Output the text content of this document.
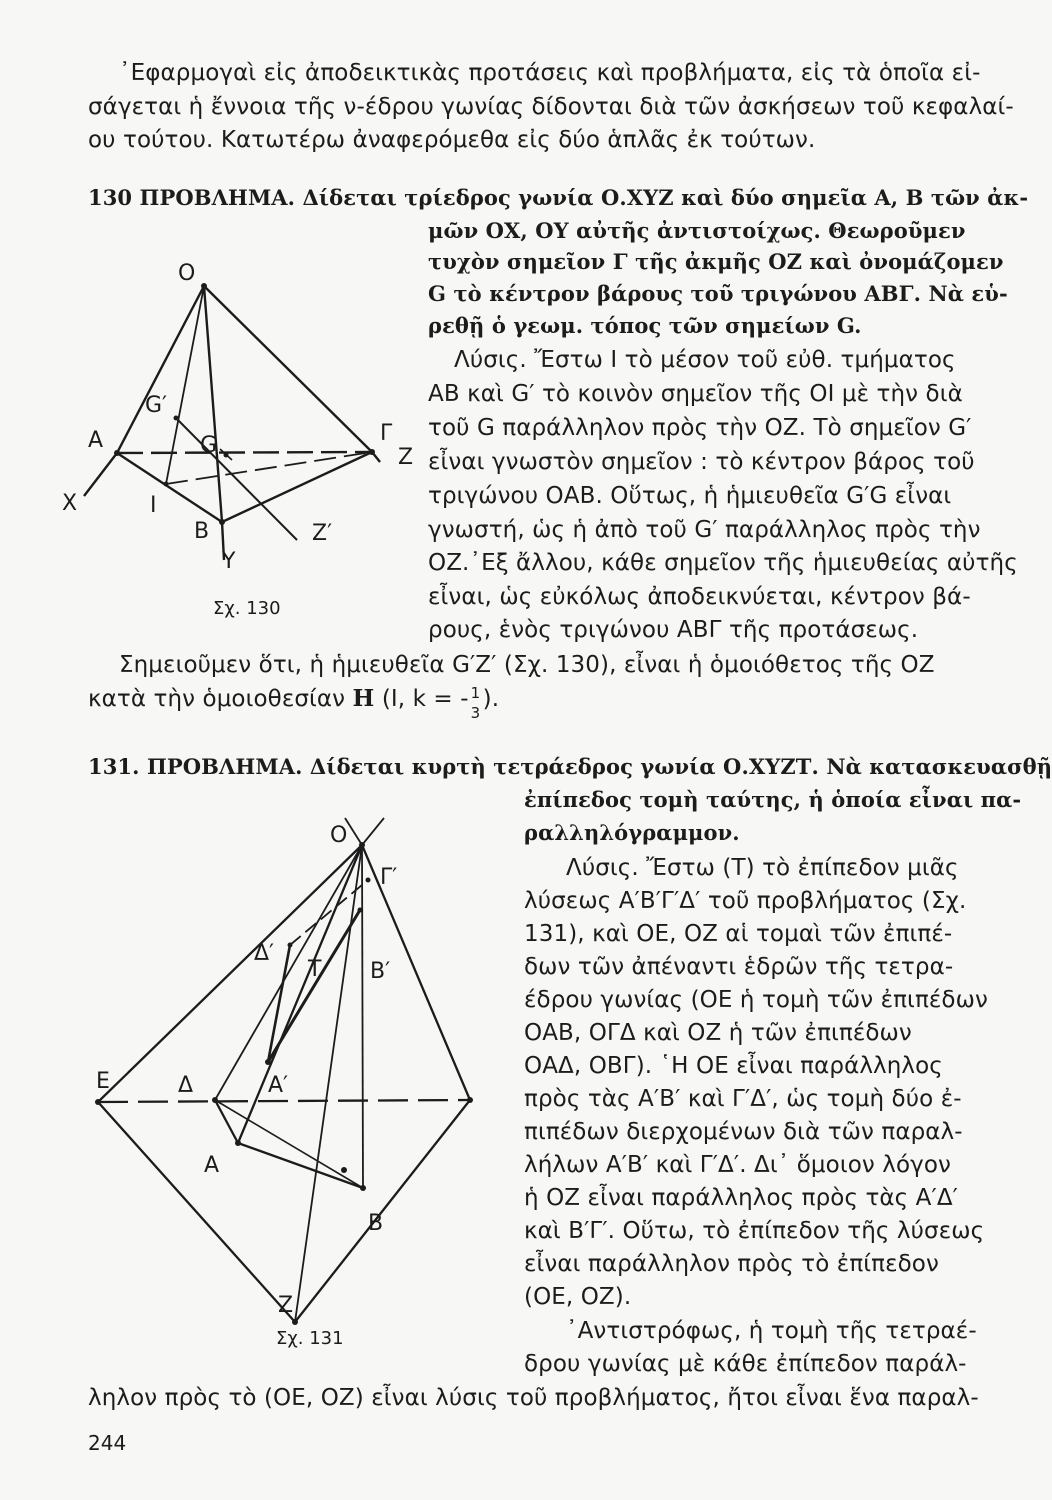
᾿Εφαρμογαὶ εἰς ἀποδεικτικὰς προτάσεις καὶ προβλήματα, εἰς τὰ ὁποῖα εἰ-
σάγεται ἡ ἔννοια τῆς ν-έδρου γωνίας δίδονται διὰ τῶν ἀσκήσεων τοῦ κεφαλαί-
ου τούτου. Κατωτέρω ἀναφερόμεθα εἰς δύο ἁπλᾶς ἐκ τούτων.
130 ΠΡΟΒΛΗΜΑ. Δίδεται τρίεδρος γωνία Ο.ΧΥΖ καὶ δύο σημεῖα Α, Β τῶν ἀκ-
μῶν ΟΧ, ΟΥ αὐτῆς ἀντιστοίχως. Θεωροῦμεν
τυχὸν σημεῖον Γ τῆς ἀκμῆς ΟΖ καὶ ὀνομάζομεν
G τὸ κέντρον βάρους τοῦ τριγώνου ΑΒΓ. Νὰ εὑ-
ρεθῇ ὁ γεωμ. τόπος τῶν σημείων G.
Λύσις. Ἔστω Ι τὸ μέσον τοῦ εὐθ. τμήματος
ΑΒ καὶ G′ τὸ κοινὸν σημεῖον τῆς ΟΙ μὲ τὴν διὰ
τοῦ G παράλληλον πρὸς τὴν ΟΖ. Τὸ σημεῖον G′
εἶναι γνωστὸν σημεῖον : τὸ κέντρον βάρος τοῦ
τριγώνου ΟΑΒ. Οὕτως, ἡ ἡμιευθεῖα G′G εἶναι
γνωστή, ὡς ἡ ἀπὸ τοῦ G′ παράλληλος πρὸς τὴν
ΟΖ.᾿Εξ ἄλλου, κάθε σημεῖον τῆς ἡμιευθείας αὐτῆς
εἶναι, ὡς εὐκόλως ἀποδεικνύεται, κέντρον βά-
ρους, ἑνὸς τριγώνου ΑΒΓ τῆς προτάσεως.
Σημειοῦμεν ὅτι, ἡ ἡμιευθεῖα G′Z′ (Σχ. 130), εἶναι ἡ ὁμοιόθετος τῆς ΟΖ
κατὰ τὴν ὁμοιοθεσίαν Η (Ι, k = - 1
3
).
O
A
X
G′
G
I
B
Y
Γ
Z
Z′
Σχ. 130
131. ΠΡΟΒΛΗΜΑ. Δίδεται κυρτὴ τετράεδρος γωνία Ο.ΧΥΖΤ. Νὰ κατασκευασθῇ
ἐπίπεδος τομὴ ταύτης, ἡ ὁποία εἶναι πα-
ραλληλόγραμμον.
Λύσις. Ἔστω (Τ) τὸ ἐπίπεδον μιᾶς
λύσεως Α′Β′Γ′Δ′ τοῦ προβλήματος (Σχ.
131), καὶ ΟΕ, ΟΖ αἱ τομαὶ τῶν ἐπιπέ-
δων τῶν ἀπέναντι ἑδρῶν τῆς τετρα-
έδρου γωνίας (ΟΕ ἡ τομὴ τῶν ἐπιπέδων
ΟΑΒ, ΟΓΔ καὶ ΟΖ ἡ τῶν ἐπιπέδων
ΟΑΔ, ΟΒΓ). ῾Η ΟΕ εἶναι παράλληλος
πρὸς τὰς Α′Β′ καὶ Γ′Δ′, ὡς τομὴ δύο ἐ-
πιπέδων διερχομένων διὰ τῶν παραλ-
λήλων Α′Β′ καὶ Γ′Δ′. Δι᾿ ὅμοιον λόγον
ἡ ΟΖ εἶναι παράλληλος πρὸς τὰς Α′Δ′
καὶ Β′Γ′. Οὕτω, τὸ ἐπίπεδον τῆς λύσεως
εἶναι παράλληλον πρὸς τὸ ἐπίπεδον
(ΟΕ, ΟΖ).
᾿Αντιστρόφως, ἡ τομὴ τῆς τετραέ-
δρου γωνίας μὲ κάθε ἐπίπεδον παράλ-
ληλον πρὸς τὸ (ΟΕ, ΟΖ) εἶναι λύσις τοῦ προβλήματος, ἤτοι εἶναι ἕνα παραλ-
O
Γ′
Δ′
T B′
A′
E	Δ
A
B
Z
Σχ. 131
244
